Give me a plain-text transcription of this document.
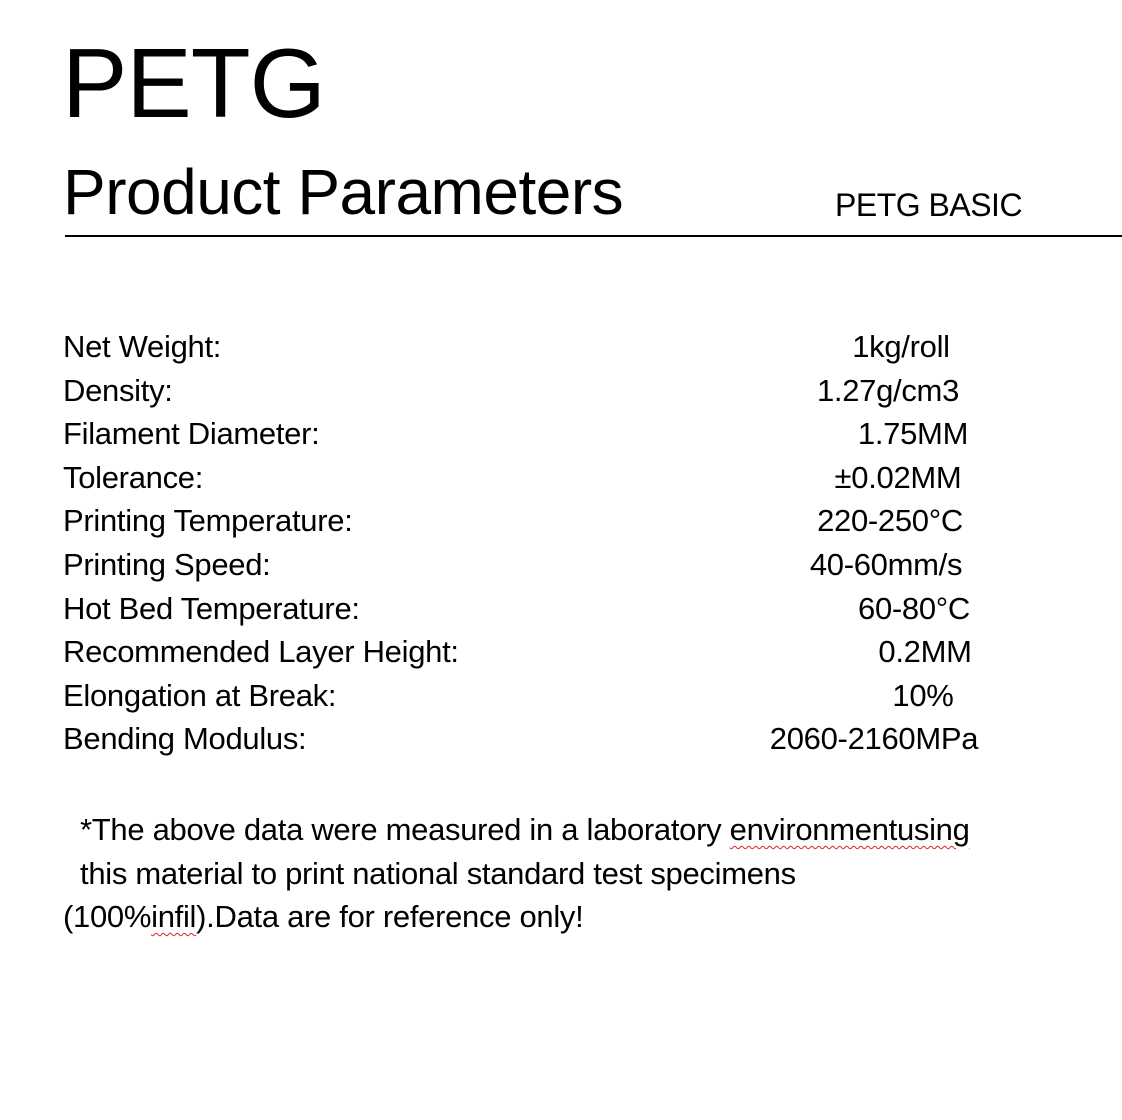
PETG
Product Parameters	PETG BASIC
Net Weight:	1kg/roll
Density:	1.27g/cm3
Filament Diameter:	1.75MM
Tolerance:	±0.02MM
Printing Temperature:	220-250°C
Printing Speed:	40-60mm/s
Hot Bed Temperature:	60-80°C
Recommended Layer Height:	0.2MM
Elongation at Break:	10%
Bending Modulus:	2060-2160MPa
*The above data were measured in a laboratory environmentusing
this material to print national standard test specimens
(100%infil).Data are for reference only!
